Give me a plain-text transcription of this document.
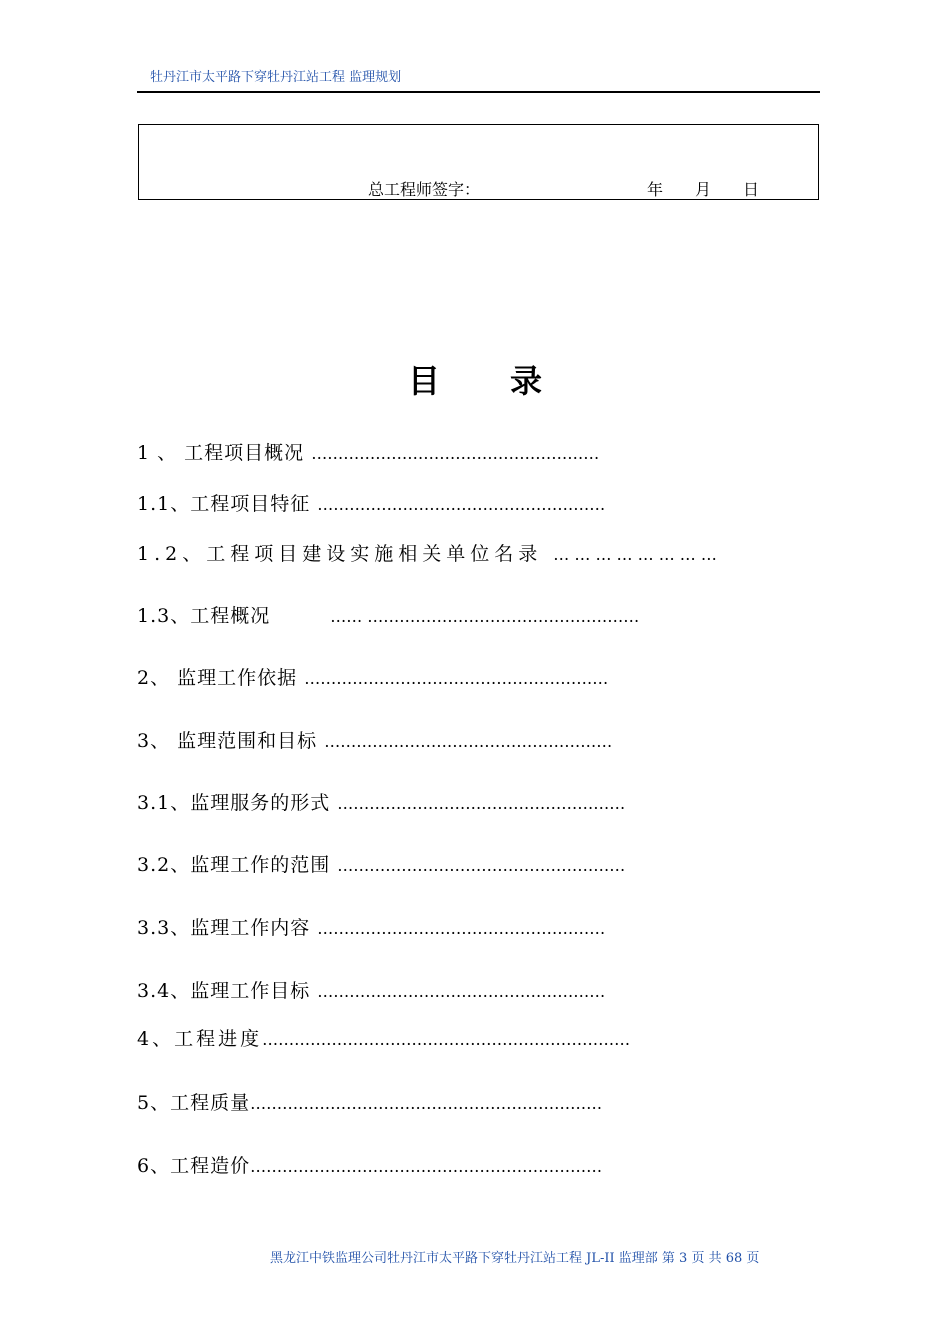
牡丹江市太平路下穿牡丹江站工程 监理规划
总工程师签字：	年 月 日
目 录
1 、 工程项目概况 ………………………………………………
1.1、工程项目特征 ………………………………………………
1.2、工程项目建设实施相关单位名录 … … … … … … … …
1.3、工程概况	…… ……………………………………………
2、 监理工作依据 …………………………………………………
3、 监理范围和目标 ………………………………………………
3.1、监理服务的形式 ………………………………………………
3.2、监理工作的范围 ………………………………………………
3.3、监理工作内容 ………………………………………………
3.4、监理工作目标 ………………………………………………
4、工程进度……………………………………………………………
5、工程质量…………………………………………………………
6、工程造价…………………………………………………………
黑龙江中铁监理公司牡丹江市太平路下穿牡丹江站工程 JL-II 监理部 第 3 页 共 68 页
